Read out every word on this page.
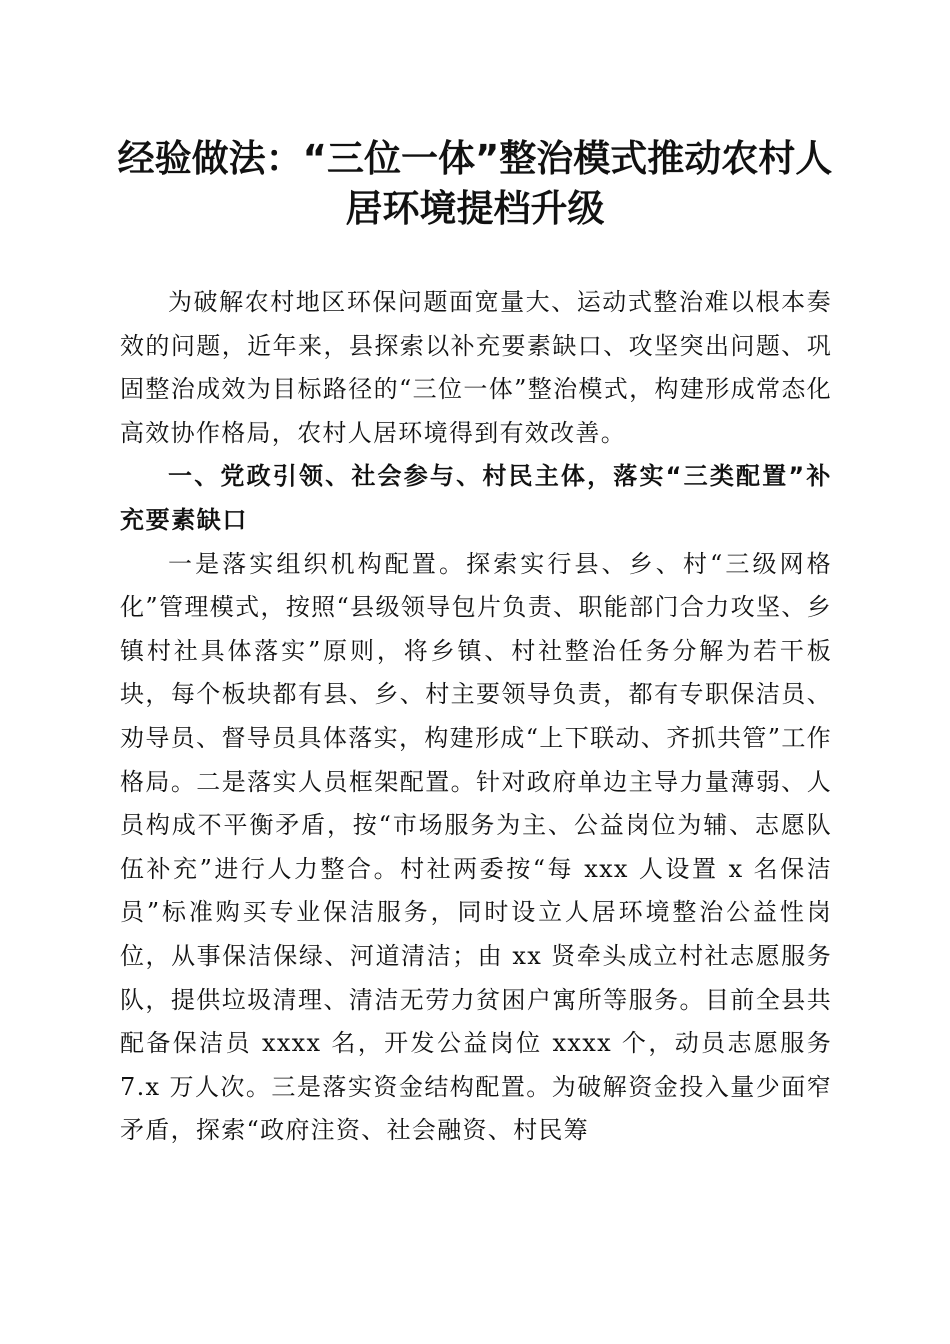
经验做法：“三位一体”整治模式推动农村人居环境提档升级

为破解农村地区环保问题面宽量大、运动式整治难以根本奏效的问题，近年来，县探索以补充要素缺口、攻坚突出问题、巩固整治成效为目标路径的“三位一体”整治模式，构建形成常态化高效协作格局，农村人居环境得到有效改善。

一、党政引领、社会参与、村民主体，落实“三类配置”补充要素缺口

一是落实组织机构配置。探索实行县、乡、村“三级网格化”管理模式，按照“县级领导包片负责、职能部门合力攻坚、乡镇村社具体落实”原则，将乡镇、村社整治任务分解为若干板块，每个板块都有县、乡、村主要领导负责，都有专职保洁员、劝导员、督导员具体落实，构建形成“上下联动、齐抓共管”工作格局。二是落实人员框架配置。针对政府单边主导力量薄弱、人员构成不平衡矛盾，按“市场服务为主、公益岗位为辅、志愿队伍补充”进行人力整合。村社两委按“每 xxx 人设置 x 名保洁员”标准购买专业保洁服务，同时设立人居环境整治公益性岗位，从事保洁保绿、河道清洁；由 xx 贤牵头成立村社志愿服务队，提供垃圾清理、清洁无劳力贫困户寓所等服务。目前全县共配备保洁员 xxxx 名，开发公益岗位 xxxx 个，动员志愿服务 7.x 万人次。三是落实资金结构配置。为破解资金投入量少面窄矛盾，探索“政府注资、社会融资、村民筹
